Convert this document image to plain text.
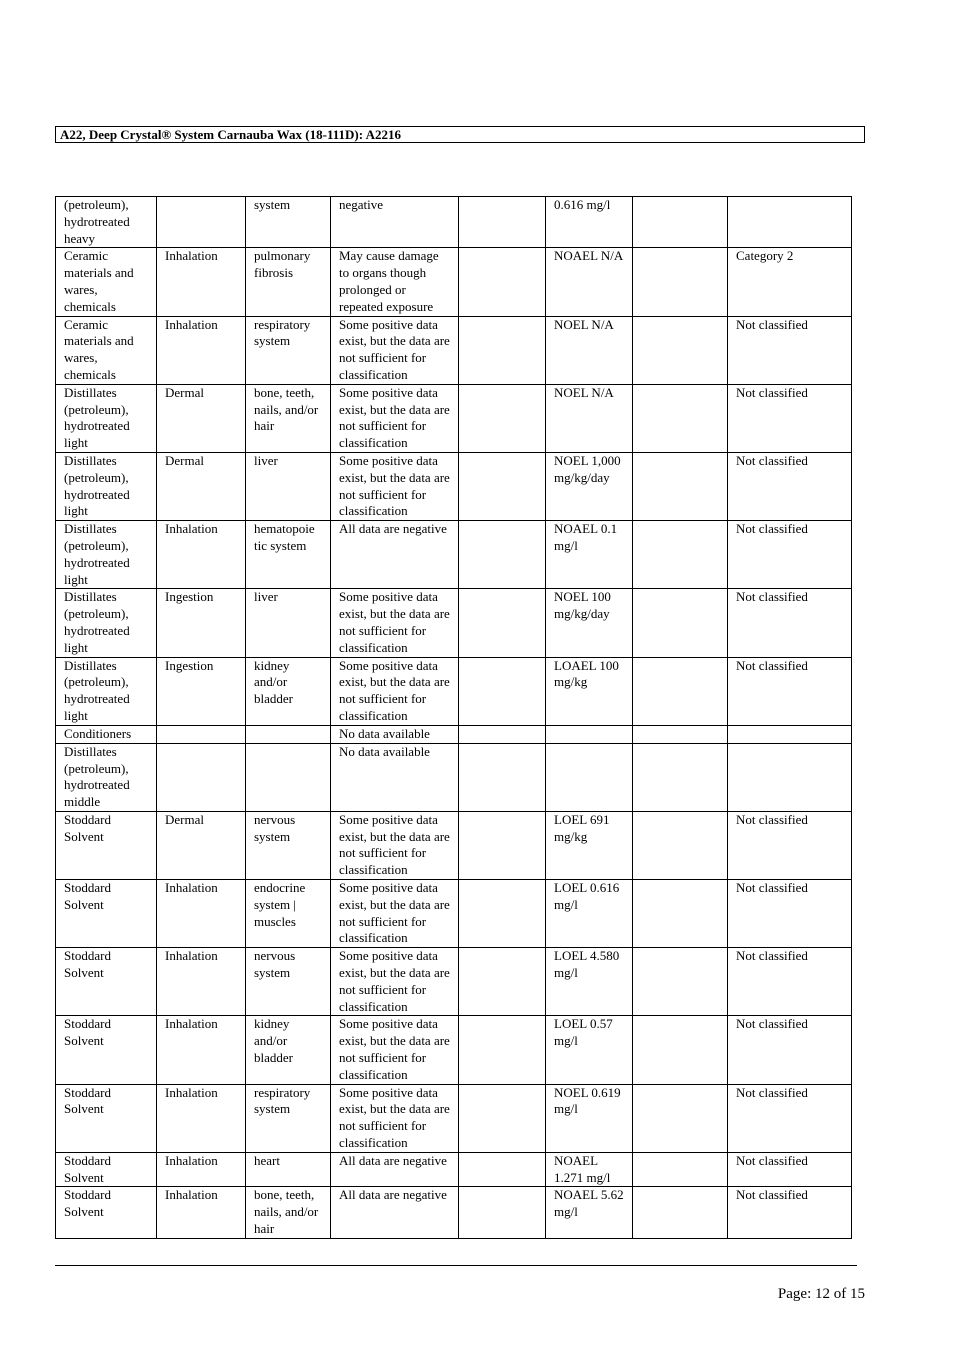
A22, Deep Crystal® System Carnauba Wax (18-111D): A2216
(petroleum), hydrotreated heavy		system	negative		0.616 mg/l		
Ceramic materials and wares, chemicals	Inhalation	pulmonary fibrosis	May cause damage to organs though prolonged or repeated exposure		NOAEL N/A		Category 2
Ceramic materials and wares, chemicals	Inhalation	respiratory system	Some positive data exist, but the data are not sufficient for classification		NOEL N/A		Not classified
Distillates (petroleum), hydrotreated light	Dermal	bone, teeth, nails, and/or hair	Some positive data exist, but the data are not sufficient for classification		NOEL N/A		Not classified
Distillates (petroleum), hydrotreated light	Dermal	liver	Some positive data exist, but the data are not sufficient for classification		NOEL 1,000 mg/kg/day		Not classified
Distillates (petroleum), hydrotreated light	Inhalation	hematopoie tic system	All data are negative		NOAEL 0.1 mg/l		Not classified
Distillates (petroleum), hydrotreated light	Ingestion	liver	Some positive data exist, but the data are not sufficient for classification		NOEL 100 mg/kg/day		Not classified
Distillates (petroleum), hydrotreated light	Ingestion	kidney and/or bladder	Some positive data exist, but the data are not sufficient for classification		LOAEL 100 mg/kg		Not classified
Conditioners			No data available				
Distillates (petroleum), hydrotreated middle			No data available				
Stoddard Solvent	Dermal	nervous system	Some positive data exist, but the data are not sufficient for classification		LOEL 691 mg/kg		Not classified
Stoddard Solvent	Inhalation	endocrine system | muscles	Some positive data exist, but the data are not sufficient for classification		LOEL 0.616 mg/l		Not classified
Stoddard Solvent	Inhalation	nervous system	Some positive data exist, but the data are not sufficient for classification		LOEL 4.580 mg/l		Not classified
Stoddard Solvent	Inhalation	kidney and/or bladder	Some positive data exist, but the data are not sufficient for classification		LOEL 0.57 mg/l		Not classified
Stoddard Solvent	Inhalation	respiratory system	Some positive data exist, but the data are not sufficient for classification		NOEL 0.619 mg/l		Not classified
Stoddard Solvent	Inhalation	heart	All data are negative		NOAEL 1.271 mg/l		Not classified
Stoddard Solvent	Inhalation	bone, teeth, nails, and/or hair	All data are negative		NOAEL 5.62 mg/l		Not classified
Page: 12 of 15
